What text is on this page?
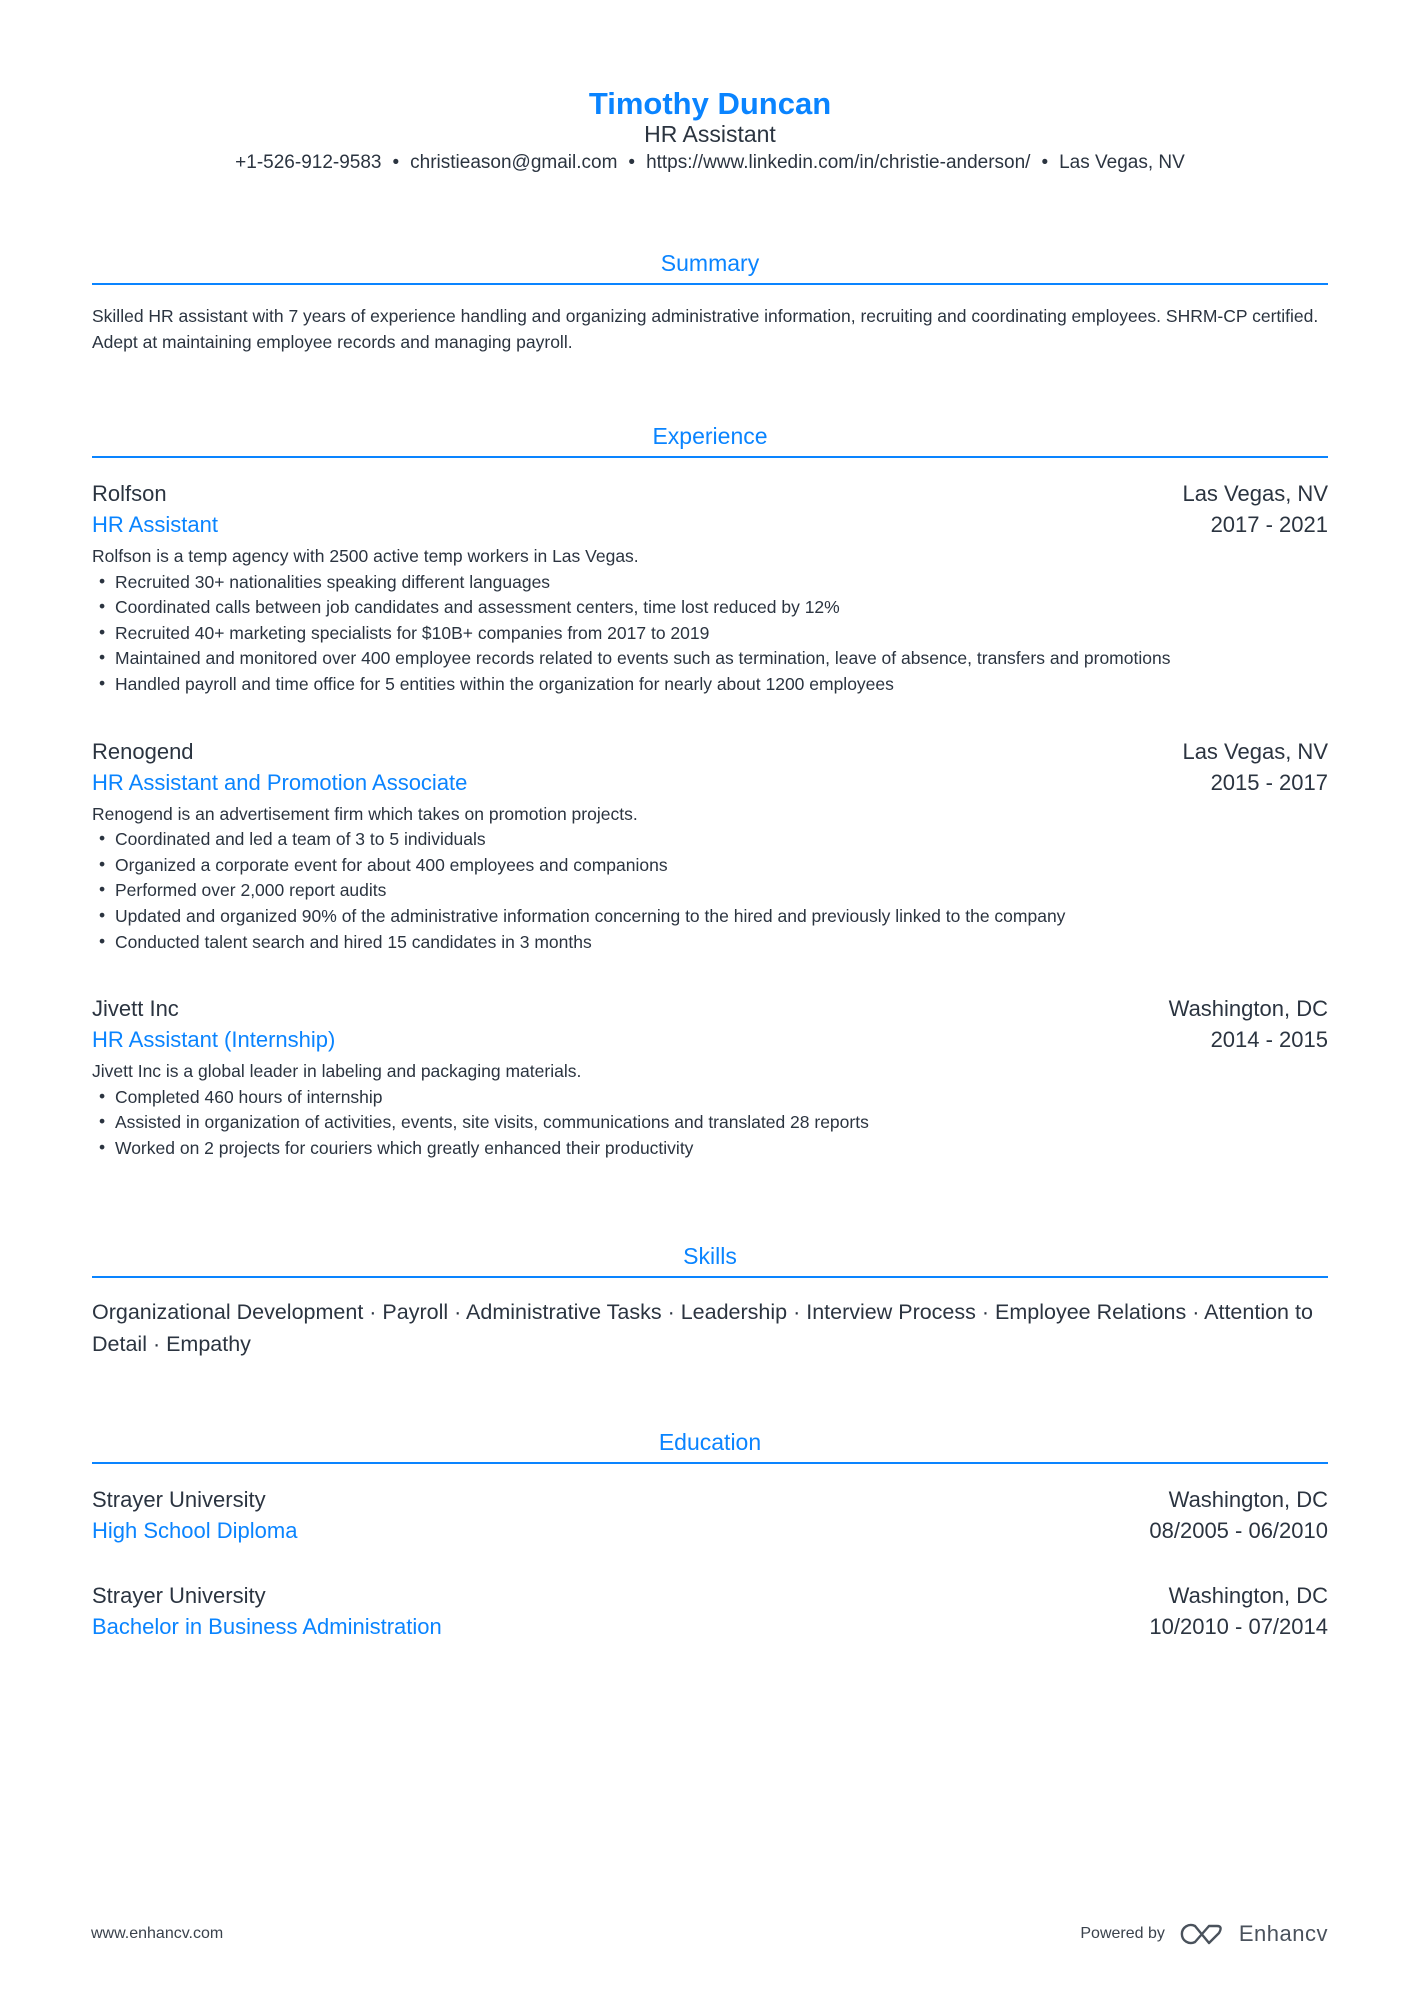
Timothy Duncan
HR Assistant
+1-526-912-9583 • christieason@gmail.com • https://www.linkedin.com/in/christie-anderson/ • Las Vegas, NV
Summary
Skilled HR assistant with 7 years of experience handling and organizing administrative information, recruiting and coordinating employees. SHRM-CP certified. Adept at maintaining employee records and managing payroll.
Experience
Rolfson	Las Vegas, NV
HR Assistant	2017 - 2021
Rolfson is a temp agency with 2500 active temp workers in Las Vegas.
• Recruited 30+ nationalities speaking different languages
• Coordinated calls between job candidates and assessment centers, time lost reduced by 12%
• Recruited 40+ marketing specialists for $10B+ companies from 2017 to 2019
• Maintained and monitored over 400 employee records related to events such as termination, leave of absence, transfers and promotions
• Handled payroll and time office for 5 entities within the organization for nearly about 1200 employees
Renogend	Las Vegas, NV
HR Assistant and Promotion Associate	2015 - 2017
Renogend is an advertisement firm which takes on promotion projects.
• Coordinated and led a team of 3 to 5 individuals
• Organized a corporate event for about 400 employees and companions
• Performed over 2,000 report audits
• Updated and organized 90% of the administrative information concerning to the hired and previously linked to the company
• Conducted talent search and hired 15 candidates in 3 months
Jivett Inc	Washington, DC
HR Assistant (Internship)	2014 - 2015
Jivett Inc is a global leader in labeling and packaging materials.
• Completed 460 hours of internship
• Assisted in organization of activities, events, site visits, communications and translated 28 reports
• Worked on 2 projects for couriers which greatly enhanced their productivity
Skills
Organizational Development · Payroll · Administrative Tasks · Leadership · Interview Process · Employee Relations · Attention to Detail · Empathy
Education
Strayer University	Washington, DC
High School Diploma	08/2005 - 06/2010
Strayer University	Washington, DC
Bachelor in Business Administration	10/2010 - 07/2014
www.enhancv.com	Powered by	Enhancv
